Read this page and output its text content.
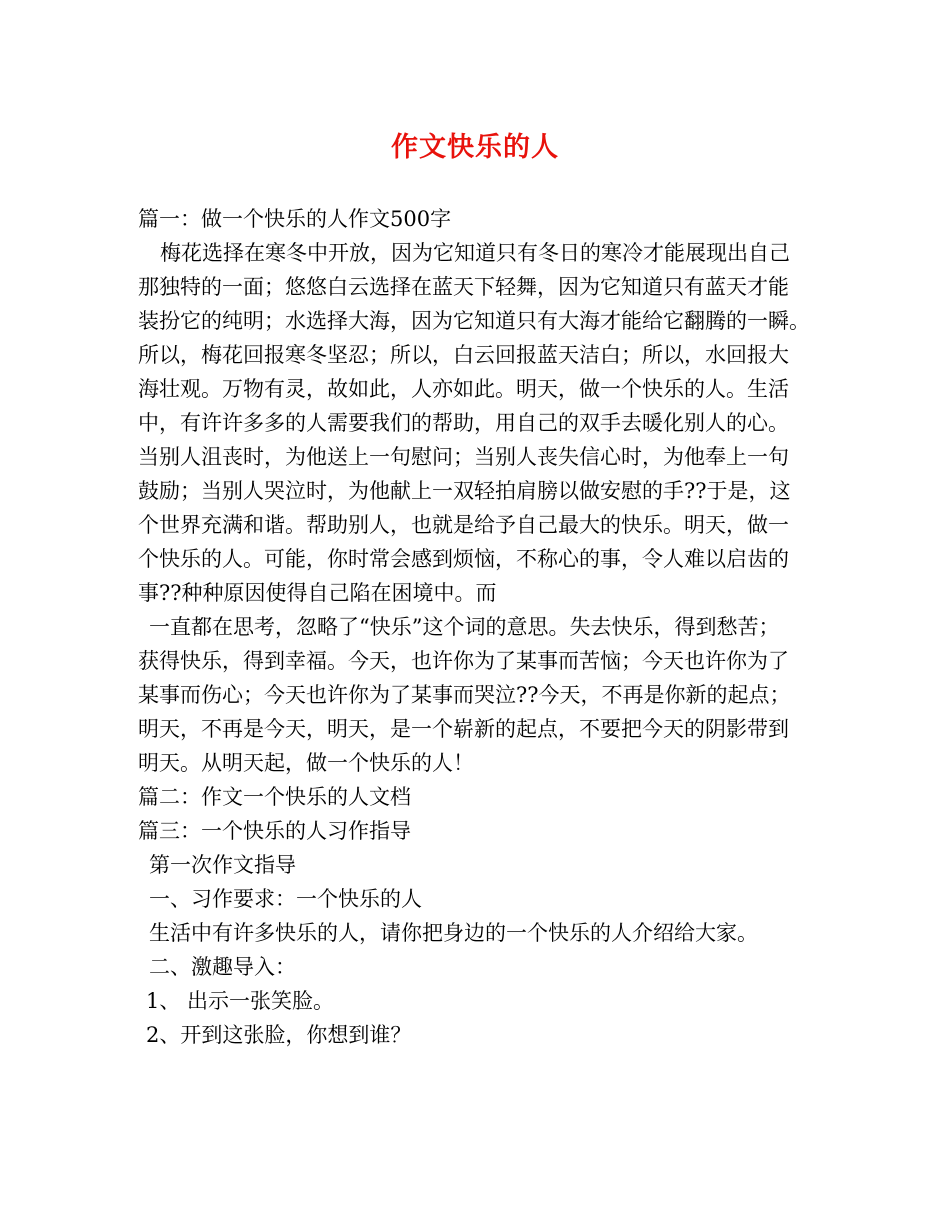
作文快乐的人
篇一：做一个快乐的人作文500字
梅花选择在寒冬中开放，因为它知道只有冬日的寒冷才能展现出自己
那独特的一面；悠悠白云选择在蓝天下轻舞，因为它知道只有蓝天才能
装扮它的纯明；水选择大海，因为它知道只有大海才能给它翻腾的一瞬。
所以，梅花回报寒冬坚忍；所以，白云回报蓝天洁白；所以，水回报大
海壮观。万物有灵，故如此，人亦如此。明天，做一个快乐的人。生活
中，有许许多多的人需要我们的帮助，用自己的双手去暖化别人的心。
当别人沮丧时，为他送上一句慰问；当别人丧失信心时，为他奉上一句
鼓励；当别人哭泣时，为他献上一双轻拍肩膀以做安慰的手??于是，这
个世界充满和谐。帮助别人，也就是给予自己最大的快乐。明天，做一
个快乐的人。可能，你时常会感到烦恼，不称心的事，令人难以启齿的
事??种种原因使得自己陷在困境中。而
一直都在思考，忽略了“快乐”这个词的意思。失去快乐，得到愁苦；
获得快乐，得到幸福。今天，也许你为了某事而苦恼；今天也许你为了
某事而伤心；今天也许你为了某事而哭泣??今天，不再是你新的起点；
明天，不再是今天，明天，是一个崭新的起点，不要把今天的阴影带到
明天。从明天起，做一个快乐的人！
篇二：作文一个快乐的人文档
篇三：一个快乐的人习作指导
第一次作文指导
一、习作要求：一个快乐的人
生活中有许多快乐的人，请你把身边的一个快乐的人介绍给大家。
二、激趣导入：
1、 出示一张笑脸。
2、开到这张脸，你想到谁？
